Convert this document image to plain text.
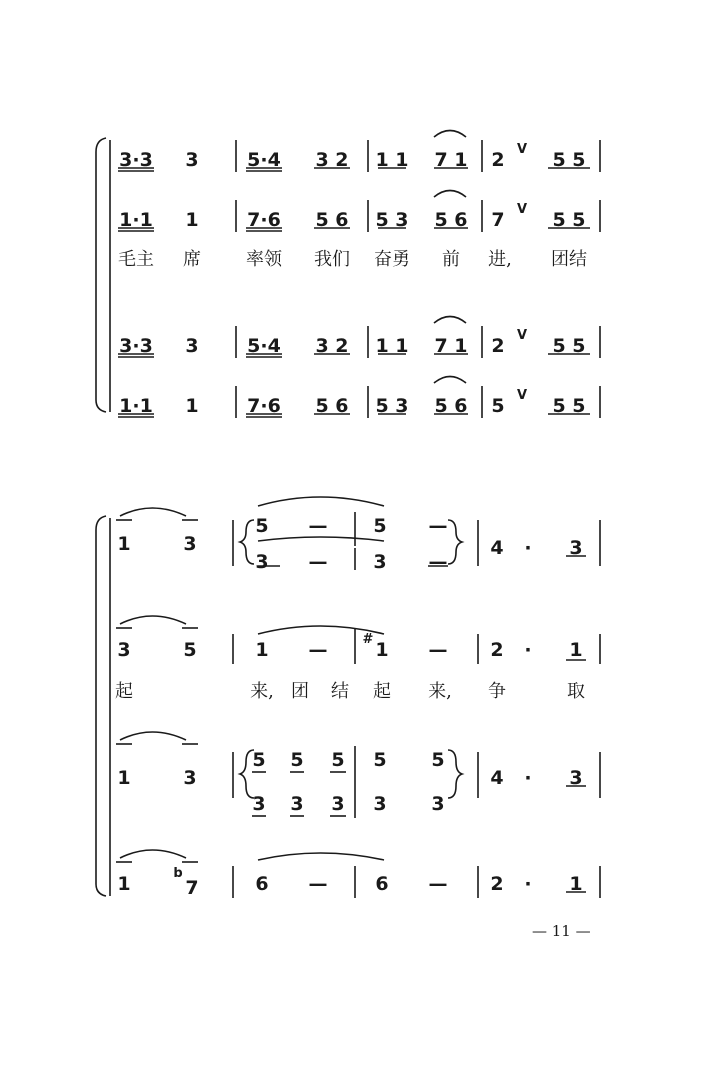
3·3 3	5·4 3 2 1 1 7 1 2 V 5 5
1·1 1	7·6 5 6 5 3 5 6 7 V 5 5
毛主 席	率领 我们 奋勇 前 进, 团结
3·3 3	5·4 3 2 1 1 7 1 2 V 5 5
1·1 1	7·6 5 6 5 3 5 6 5 V 5 5
1	3
5 — 5 —
3 — 3 —
4 · 3
3	5	1 —	# 1 — 2 · 1
起	来, 团 结 起 来, 争	取
1	3
5 5 5 5 5
3 3 3 3 3
4 · 3
1	b
7	6 —	6 — 2 · 1
— 11 —
